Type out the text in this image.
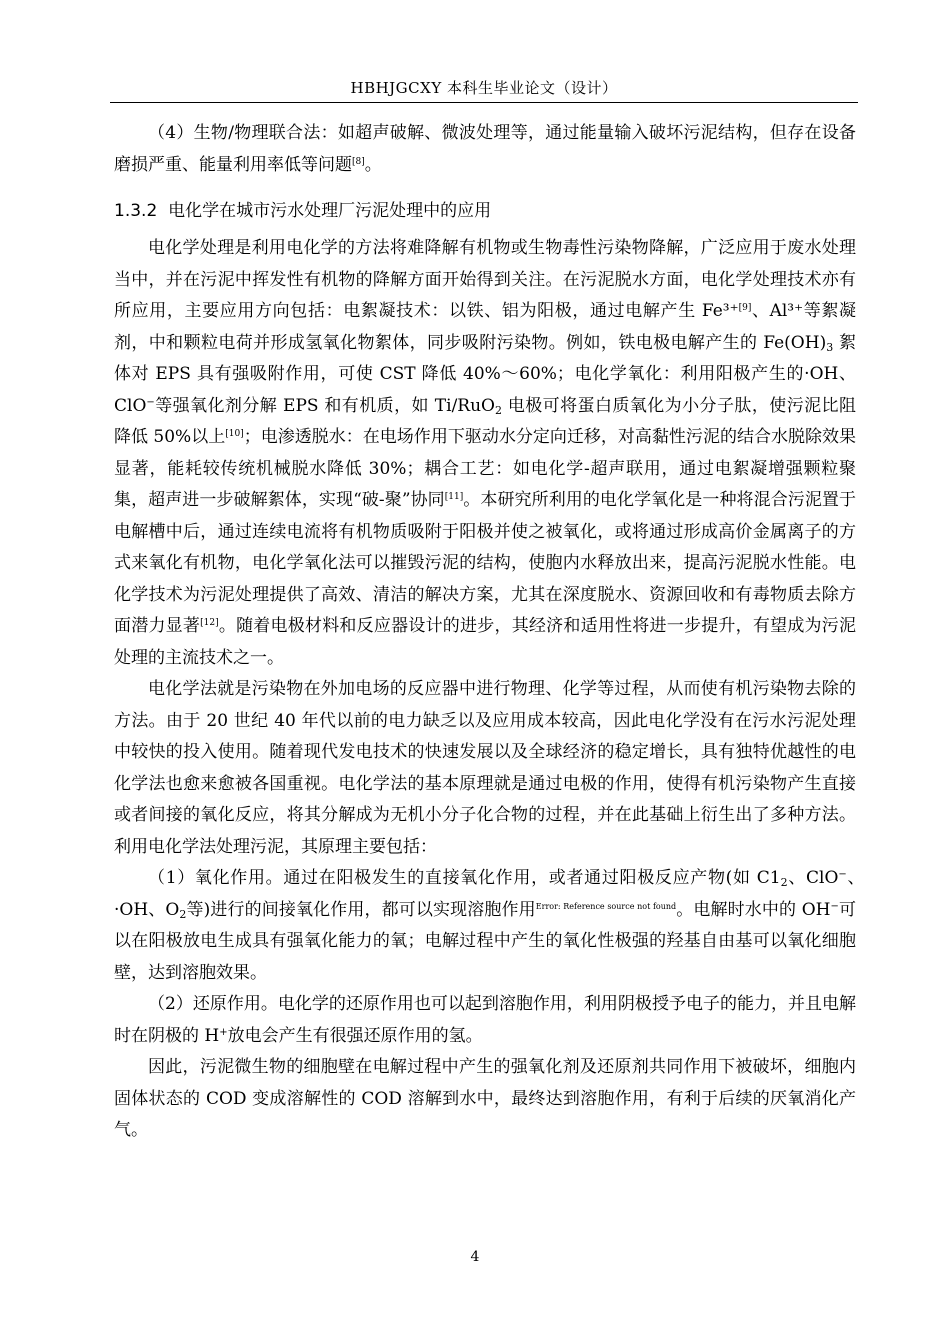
HBHJGCXY 本科生毕业论文（设计）

（4）生物/物理联合法：如超声破解、微波处理等，通过能量输入破坏污泥结构，但存在设备磨损严重、能量利用率低等问题[8]。

1.3.2 电化学在城市污水处理厂污泥处理中的应用

电化学处理是利用电化学的方法将难降解有机物或生物毒性污染物降解，广泛应用于废水处理当中，并在污泥中挥发性有机物的降解方面开始得到关注。在污泥脱水方面，电化学处理技术亦有所应用，主要应用方向包括：电絮凝技术：以铁、铝为阳极，通过电解产生 Fe³⁺[9]、Al³⁺等絮凝剂，中和颗粒电荷并形成氢氧化物絮体，同步吸附污染物。例如，铁电极电解产生的 $Fe(OH)_3$ 絮体对 EPS 具有强吸附作用，可使 CST 降低 40%～60%；电化学氧化：利用阳极产生的·OH、ClO−等强氧化剂分解 EPS 和有机质，如 Ti/RuO$_2$ 电极可将蛋白质氧化为小分子肽，使污泥比阻降低 50%以上[10]；电渗透脱水：在电场作用下驱动水分定向迁移，对高黏性污泥的结合水脱除效果显著，能耗较传统机械脱水降低 30%；耦合工艺：如电化学-超声联用，通过电絮凝增强颗粒聚集，超声进一步破解絮体，实现“破-聚”协同[11]。本研究所利用的电化学氧化是一种将混合污泥置于电解槽中后，通过连续电流将有机物质吸附于阳极并使之被氧化，或将通过形成高价金属离子的方式来氧化有机物，电化学氧化法可以摧毁污泥的结构，使胞内水释放出来，提高污泥脱水性能。电化学技术为污泥处理提供了高效、清洁的解决方案，尤其在深度脱水、资源回收和有毒物质去除方面潜力显著[12]。随着电极材料和反应器设计的进步，其经济和适用性将进一步提升，有望成为污泥处理的主流技术之一。

电化学法就是污染物在外加电场的反应器中进行物理、化学等过程，从而使有机污染物去除的方法。由于 20 世纪 40 年代以前的电力缺乏以及应用成本较高，因此电化学没有在污水污泥处理中较快的投入使用。随着现代发电技术的快速发展以及全球经济的稳定增长，具有独特优越性的电化学法也愈来愈被各国重视。电化学法的基本原理就是通过电极的作用，使得有机污染物产生直接或者间接的氧化反应，将其分解成为无机小分子化合物的过程，并在此基础上衍生出了多种方法。利用电化学法处理污泥，其原理主要包括：

（1）氧化作用。通过在阳极发生的直接氧化作用，或者通过阳极反应产物(如 $C1_2$、ClO−、·OH、$O_2$等)进行的间接氧化作用，都可以实现溶胞作用$^{Error: Reference source not found}$。电解时水中的 OH−可以在阳极放电生成具有强氧化能力的氧；电解过程中产生的氧化性极强的羟基自由基可以氧化细胞壁，达到溶胞效果。

（2）还原作用。电化学的还原作用也可以起到溶胞作用，利用阴极授予电子的能力，并且电解时在阴极的 H+放电会产生有很强还原作用的氢。

因此，污泥微生物的细胞壁在电解过程中产生的强氧化剂及还原剂共同作用下被破坏，细胞内固体状态的 COD 变成溶解性的 COD 溶解到水中，最终达到溶胞作用，有利于后续的厌氧消化产气。

4
